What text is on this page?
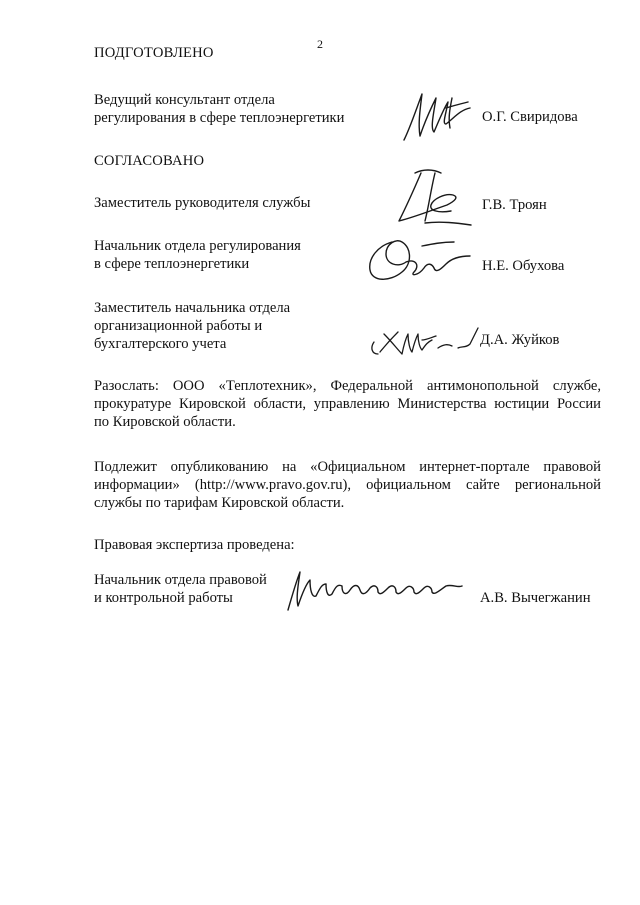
2
ПОДГОТОВЛЕНО
Ведущий консультант отдела
регулирования в сфере теплоэнергетики	О.Г. Свиридова
СОГЛАСОВАНО
Заместитель руководителя службы	Г.В. Троян
Начальник отдела регулирования
в сфере теплоэнергетики	Н.Е. Обухова
Заместитель начальника отдела
организационной работы и
бухгалтерского учета	Д.А. Жуйков
Разослать: ООО «Теплотехник», Федеральной антимонопольной службе,
прокуратуре Кировской области, управлению Министерства юстиции России
по Кировской области.
Подлежит опубликованию на «Официальном интернет-портале правовой
информации» (http://www.pravo.gov.ru), официальном сайте региональной
службы по тарифам Кировской области.
Правовая экспертиза проведена:
Начальник отдела правовой
и контрольной работы	А.В. Вычегжанин
